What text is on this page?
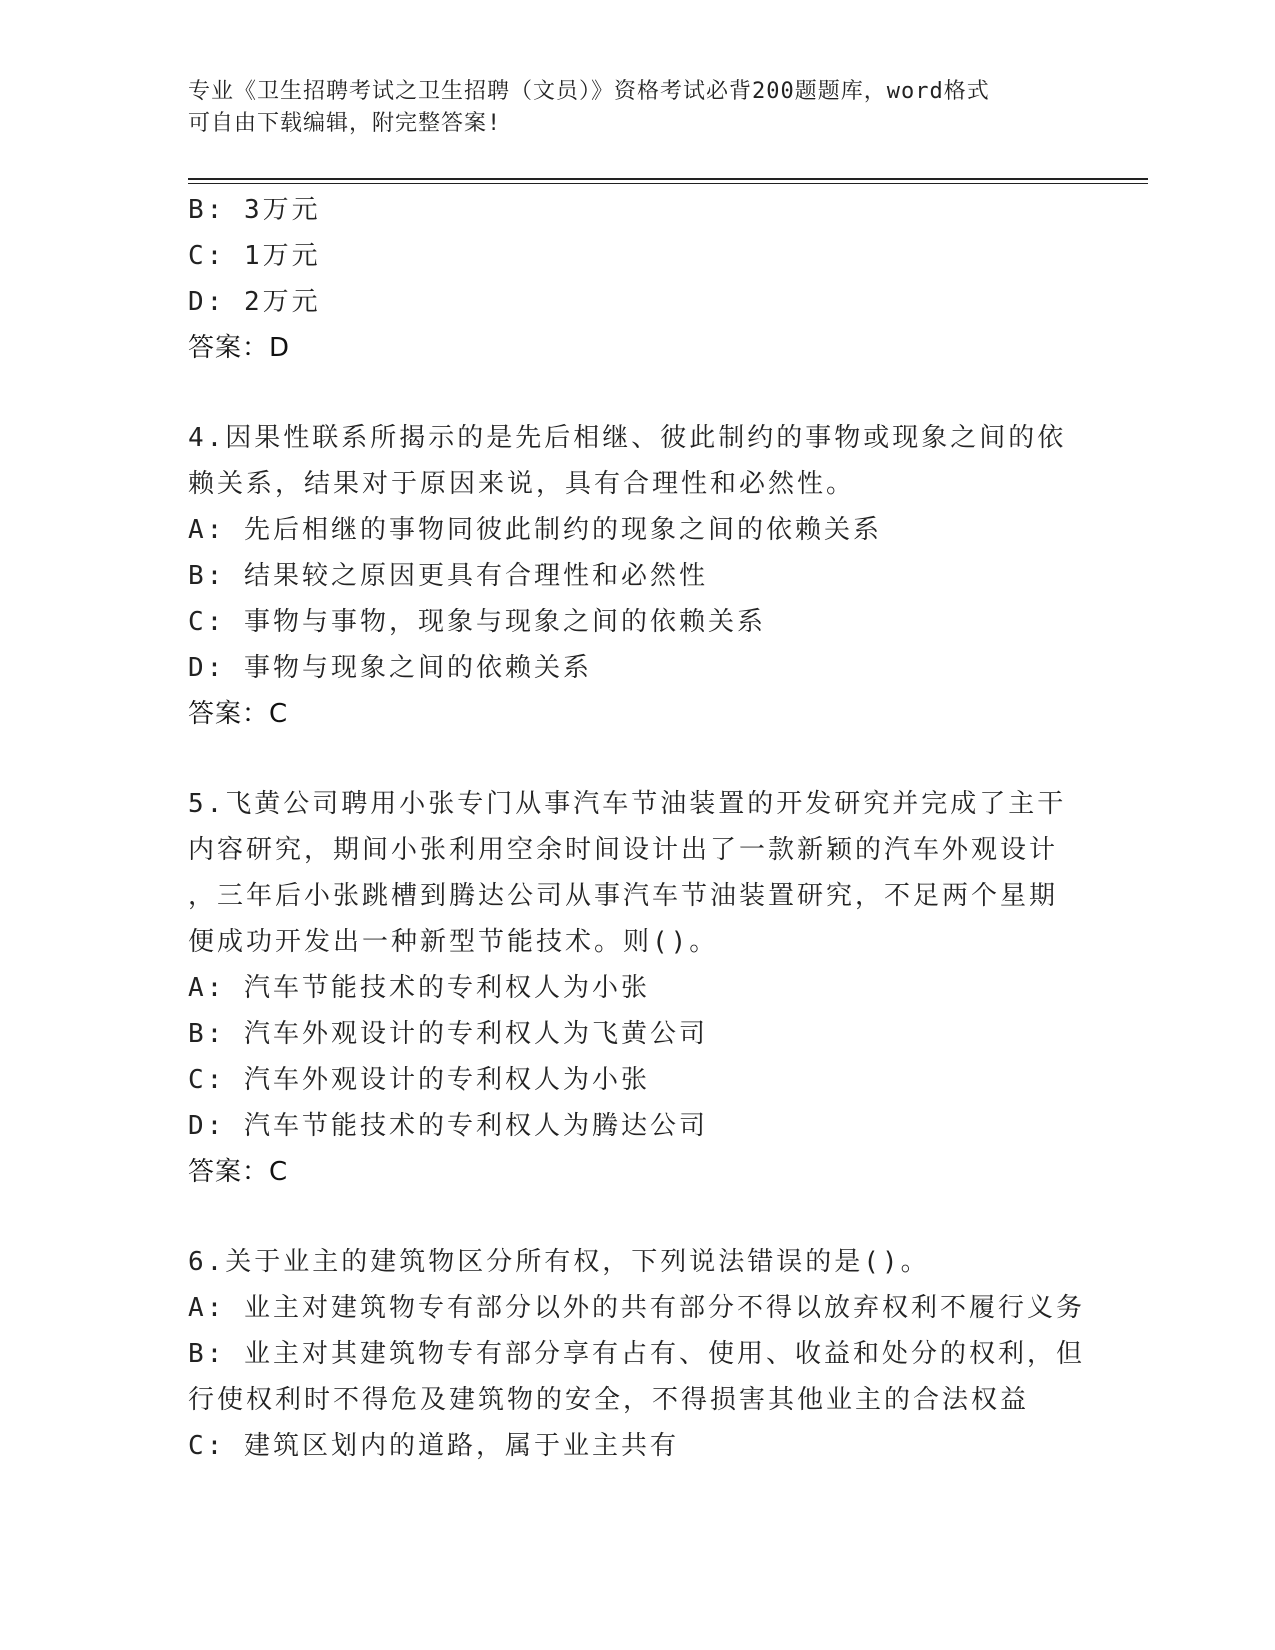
专业《卫生招聘考试之卫生招聘（文员）》资格考试必背200题题库，word格式
可自由下载编辑，附完整答案!
B: 3万元
C: 1万元
D: 2万元
答案：D
4.因果性联系所揭示的是先后相继、彼此制约的事物或现象之间的依
赖关系，结果对于原因来说，具有合理性和必然性。
A: 先后相继的事物同彼此制约的现象之间的依赖关系
B: 结果较之原因更具有合理性和必然性
C: 事物与事物，现象与现象之间的依赖关系
D: 事物与现象之间的依赖关系
答案：C
5.飞黄公司聘用小张专门从事汽车节油装置的开发研究并完成了主干
内容研究，期间小张利用空余时间设计出了一款新颖的汽车外观设计
，三年后小张跳槽到腾达公司从事汽车节油装置研究，不足两个星期
便成功开发出一种新型节能技术。则()。
A: 汽车节能技术的专利权人为小张
B: 汽车外观设计的专利权人为飞黄公司
C: 汽车外观设计的专利权人为小张
D: 汽车节能技术的专利权人为腾达公司
答案：C
6.关于业主的建筑物区分所有权，下列说法错误的是()。
A: 业主对建筑物专有部分以外的共有部分不得以放弃权利不履行义务
B: 业主对其建筑物专有部分享有占有、使用、收益和处分的权利，但
行使权利时不得危及建筑物的安全，不得损害其他业主的合法权益
C: 建筑区划内的道路，属于业主共有
